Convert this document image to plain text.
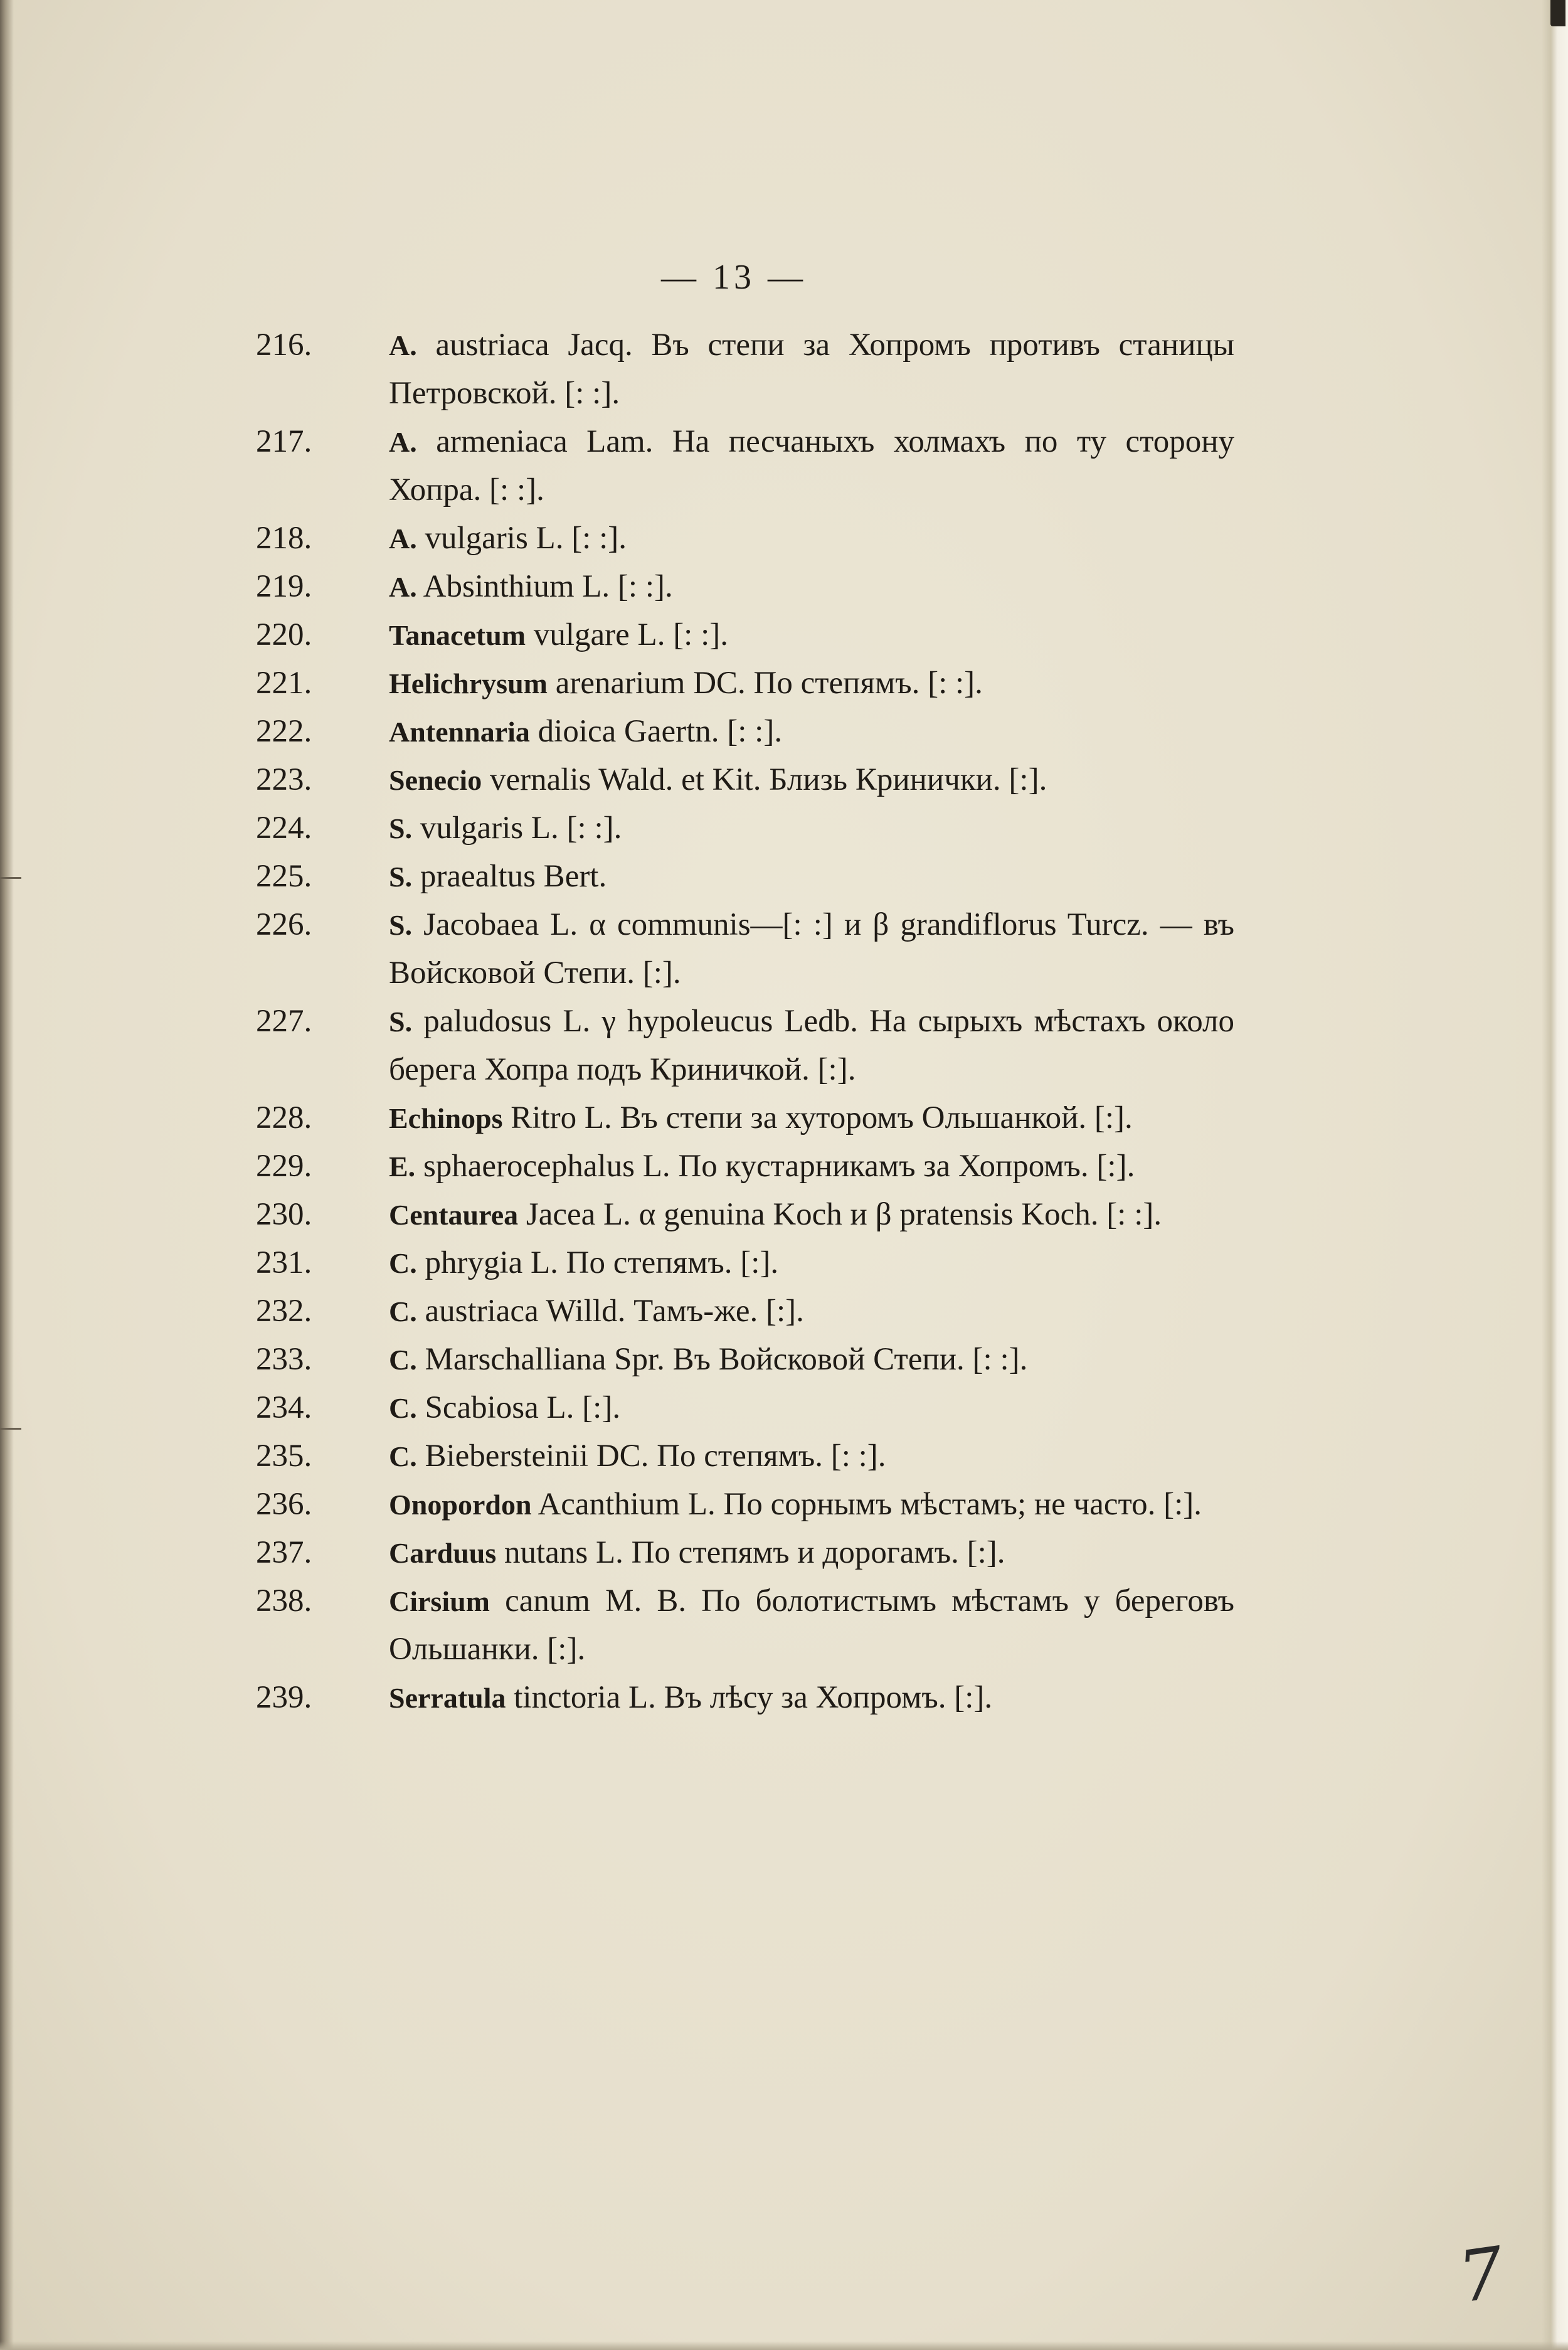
— 13 —
216.	A. austriaca Jacq. Въ степи за Хопромъ противъ станицы Петровской. [: :].
217.	A. armeniaca Lam. На песчаныхъ холмахъ по ту сторону Хопра. [: :].
218.	A. vulgaris L. [: :].
219.	A. Absinthium L. [: :].
220.	Tanacetum vulgare L. [: :].
221.	Helichrysum arenarium DC. По степямъ. [: :].
222.	Antennaria dioica Gaertn. [: :].
223.	Senecio vernalis Wald. et Kit. Близь Кринички. [:].
224.	S. vulgaris L. [: :].
225.	S. praealtus Bert.
226.	S. Jacobaea L. α communis—[: :] и β grandiflorus Turcz. — въ Войсковой Степи. [:].
227.	S. paludosus L. γ hypoleucus Ledb. На сырыхъ мѣстахъ около берега Хопра подъ Криничкой. [:].
228.	Echinops Ritro L. Въ степи за хуторомъ Ольшанкой. [:].
229.	E. sphaerocephalus L. По кустарникамъ за Хопромъ. [:].
230.	Centaurea Jacea L. α genuina Koch и β pratensis Koch. [: :].
231.	C. phrygia L. По степямъ. [:].
232.	C. austriaca Willd. Тамъ-же. [:].
233.	C. Marschalliana Spr. Въ Войсковой Степи. [: :].
234.	C. Scabiosa L. [:].
235.	C. Bieberstеinii DC. По степямъ. [: :].
236.	Onopordon Acanthium L. По сорнымъ мѣстамъ; не часто. [:].
237.	Carduus nutans L. По степямъ и дорогамъ. [:].
238.	Cirsium canum M. B. По болотистымъ мѣстамъ у береговъ Ольшанки. [:].
239.	Serratula tinctoria L. Въ лѣсу за Хопромъ. [:].
7
